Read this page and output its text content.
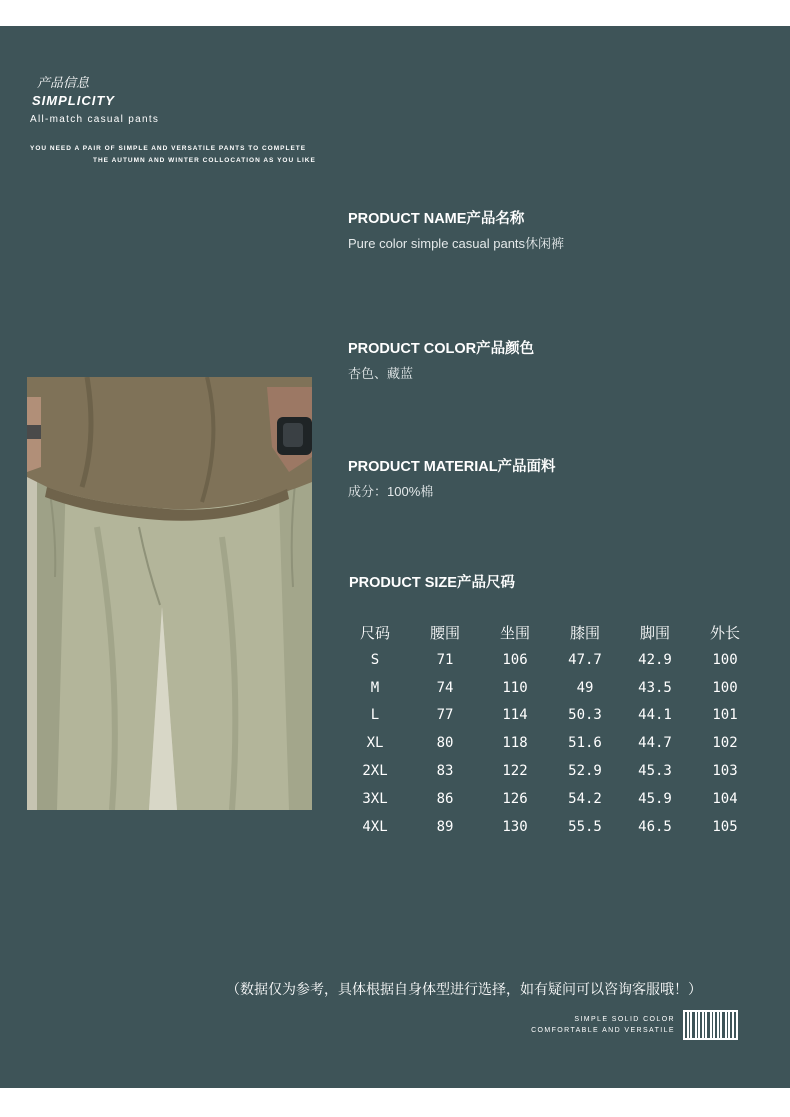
产品信息
SIMPLICITY
All-match casual pants
YOU NEED A PAIR OF SIMPLE AND VERSATILE PANTS TO COMPLETE
THE AUTUMN AND WINTER COLLOCATION AS YOU LIKE
PRODUCT NAME产品名称
Pure color simple casual pants休闲裤
PRODUCT COLOR产品颜色
杏色、藏蓝
PRODUCT MATERIAL产品面料
成分：100%棉
PRODUCT SIZE产品尺码
尺码	腰围	坐围	膝围	脚围	外长
S	71	106	47.7	42.9	100
M	74	110	49	43.5	100
L	77	114	50.3	44.1	101
XL	80	118	51.6	44.7	102
2XL	83	122	52.9	45.3	103
3XL	86	126	54.2	45.9	104
4XL	89	130	55.5	46.5	105
（数据仅为参考，具体根据自身体型进行选择，如有疑问可以咨询客服哦！）
SIMPLE SOLID COLOR
COMFORTABLE AND VERSATILE
